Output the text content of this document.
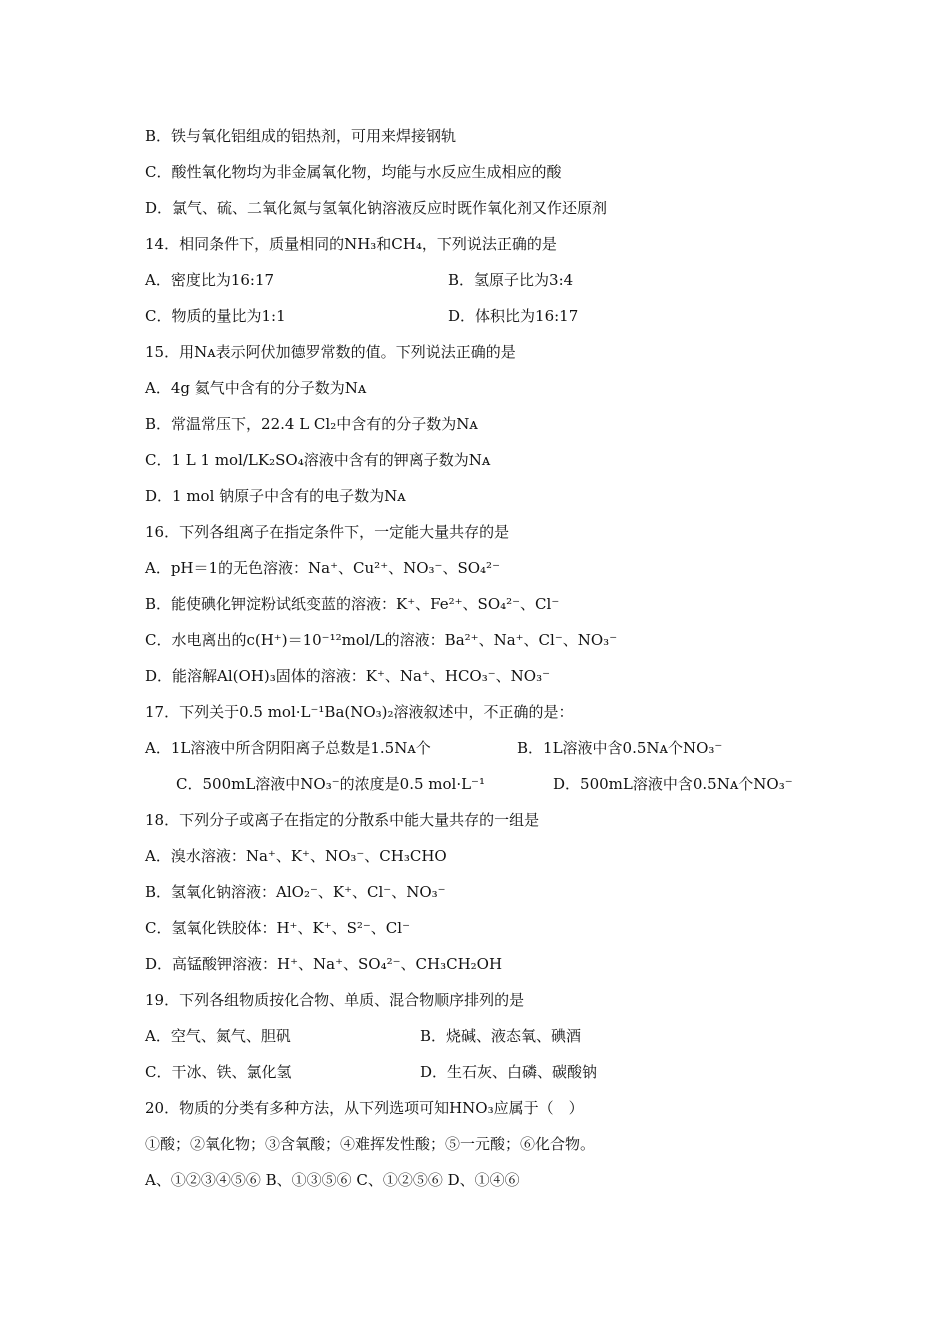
B．铁与氧化铝组成的铝热剂，可用来焊接钢轨
C．酸性氧化物均为非金属氧化物，均能与水反应生成相应的酸
D．氯气、硫、二氧化氮与氢氧化钠溶液反应时既作氧化剂又作还原剂
14．相同条件下，质量相同的NH₃和CH₄，下列说法正确的是
A．密度比为16:17	B．氢原子比为3:4
C．物质的量比为1:1	D．体积比为16:17
15．用Nᴀ表示阿伏加德罗常数的值。下列说法正确的是
A．4g 氦气中含有的分子数为Nᴀ
B．常温常压下，22.4 L Cl₂中含有的分子数为Nᴀ
C．1 L 1 mol/LK₂SO₄溶液中含有的钾离子数为Nᴀ
D．1 mol 钠原子中含有的电子数为Nᴀ
16．下列各组离子在指定条件下，一定能大量共存的是
A．pH＝1的无色溶液：Na⁺、Cu²⁺、NO₃⁻、SO₄²⁻
B．能使碘化钾淀粉试纸变蓝的溶液：K⁺、Fe²⁺、SO₄²⁻、Cl⁻
C．水电离出的c(H⁺)＝10⁻¹²mol/L的溶液：Ba²⁺、Na⁺、Cl⁻、NO₃⁻
D．能溶解Al(OH)₃固体的溶液：K⁺、Na⁺、HCO₃⁻、NO₃⁻
17．下列关于0.5 mol·L⁻¹Ba(NO₃)₂溶液叙述中，不正确的是：
A．1L溶液中所含阴阳离子总数是1.5Nᴀ个	B．1L溶液中含0.5Nᴀ个NO₃⁻
C．500mL溶液中NO₃⁻的浓度是0.5 mol·L⁻¹	D．500mL溶液中含0.5Nᴀ个NO₃⁻
18．下列分子或离子在指定的分散系中能大量共存的一组是
A．溴水溶液：Na⁺、K⁺、NO₃⁻、CH₃CHO
B．氢氧化钠溶液：AlO₂⁻、K⁺、Cl⁻、NO₃⁻
C．氢氧化铁胶体：H⁺、K⁺、S²⁻、Cl⁻
D．高锰酸钾溶液：H⁺、Na⁺、SO₄²⁻、CH₃CH₂OH
19．下列各组物质按化合物、单质、混合物顺序排列的是
A．空气、氮气、胆矾	B．烧碱、液态氧、碘酒
C．干冰、铁、氯化氢	D．生石灰、白磷、碳酸钠
20．物质的分类有多种方法，从下列选项可知HNO₃应属于（　）
①酸；②氧化物；③含氧酸；④难挥发性酸；⑤一元酸；⑥化合物。
A、①②③④⑤⑥ B、①③⑤⑥ C、①②⑤⑥ D、①④⑥
